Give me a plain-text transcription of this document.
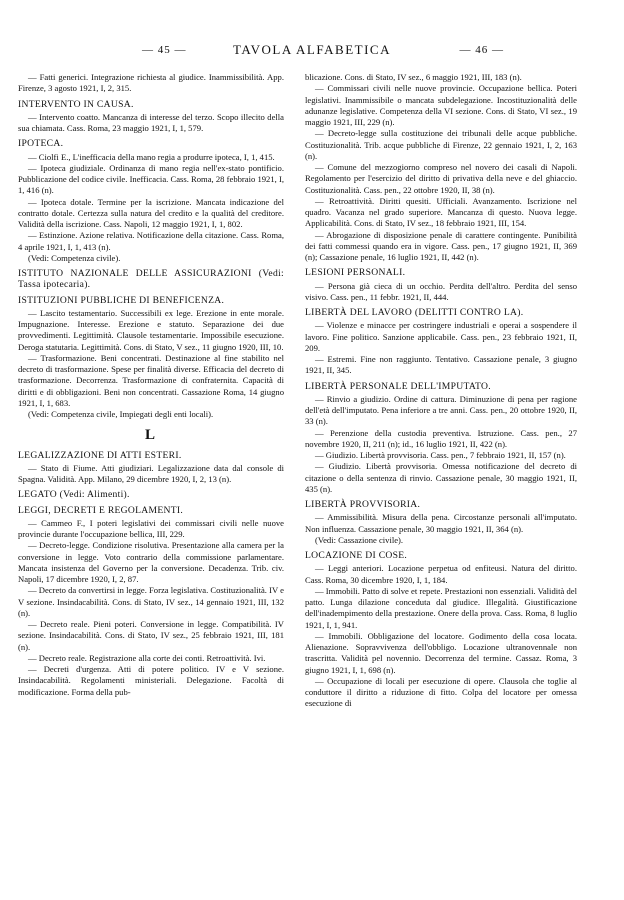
— 45 —	TAVOLA ALFABETICA	— 46 —

— Fatti generici. Integrazione richiesta al giudice. Inammissibilità. App. Firenze, 3 agosto 1921, I, 2, 315.

INTERVENTO IN CAUSA.

— Intervento coatto. Mancanza di interesse del terzo. Scopo illecito della sua chiamata. Cass. Roma, 23 maggio 1921, I, 1, 579.

IPOTECA.

— Ciolfi E., L'inefficacia della mano regia a produrre ipoteca, I, 1, 415.

— Ipoteca giudiziale. Ordinanza di mano regia nell'ex-stato pontificio. Pubblicazione del codice civile. Inefficacia. Cass. Roma, 28 febbraio 1921, I, 1, 416 (n).

— Ipoteca dotale. Termine per la iscrizione. Mancata indicazione del contratto dotale. Certezza sulla natura del credito e la qualità del creditore. Validità della iscrizione. Cass. Napoli, 12 maggio 1921, I, 1, 802.

— Estinzione. Azione relativa. Notificazione della citazione. Cass. Roma, 4 aprile 1921, I, 1, 413 (n).

(Vedi: Competenza civile).

ISTITUTO NAZIONALE DELLE ASSICURAZIONI (Vedi: Tassa ipotecaria).

ISTITUZIONI PUBBLICHE DI BENEFICENZA.

— Lascito testamentario. Successibili ex lege. Erezione in ente morale. Impugnazione. Interesse. Erezione e statuto. Separazione dei due provvedimenti. Legittimità. Clausole testamentarie. Impossibile esecuzione. Deroga statutaria. Legittimità. Cons. di Stato, V sez., 11 giugno 1920, III, 10.

— Trasformazione. Beni concentrati. Destinazione al fine stabilito nel decreto di trasformazione. Spese per finalità diverse. Efficacia del decreto di trasformazione. Decorrenza. Trasformazione di confraternita. Capacità di diritti e di obbligazioni. Beni non concentrati. Cassazione Roma, 14 giugno 1921, I, 1, 683.

(Vedi: Competenza civile, Impiegati degli enti locali).

L

LEGALIZZAZIONE DI ATTI ESTERI.

— Stato di Fiume. Atti giudiziari. Legalizzazione data dal console di Spagna. Validità. App. Milano, 29 dicembre 1920, I, 2, 13 (n).

LEGATO (Vedi: Alimenti).

LEGGI, DECRETI E REGOLAMENTI.

— Cammeo F., I poteri legislativi dei commissari civili nelle nuove provincie durante l'occupazione bellica, III, 229.

— Decreto-legge. Condizione risolutiva. Presentazione alla camera per la conversione in legge. Voto contrario della commissione parlamentare. Mancata insistenza del Governo per la conversione. Decadenza. Trib. civ. Napoli, 17 dicembre 1920, I, 2, 87.

— Decreto da convertirsi in legge. Forza legislativa. Costituzionalità. IV e V sezione. Insindacabilità. Cons. di Stato, IV sez., 14 gennaio 1921, III, 132 (n).

— Decreto reale. Pieni poteri. Conversione in legge. Compatibilità. IV sezione. Insindacabilità. Cons. di Stato, IV sez., 25 febbraio 1921, III, 181 (n).

— Decreto reale. Registrazione alla corte dei conti. Retroattività. Ivi.

— Decreti d'urgenza. Atti di potere politico. IV e V sezione. Insindacabilità. Regolamenti ministeriali. Delegazione. Facoltà di modificazione. Forma della pub-

blicazione. Cons. di Stato, IV sez., 6 maggio 1921, III, 183 (n).

— Commissari civili nelle nuove provincie. Occupazione bellica. Poteri legislativi. Inammissibile o mancata subdelegazione. Incostituzionalità delle adunanze legislative. Competenza della VI sezione. Cons. di Stato, VI sez., 19 maggio 1921, III, 229 (n).

— Decreto-legge sulla costituzione dei tribunali delle acque pubbliche. Costituzionalità. Trib. acque pubbliche di Firenze, 22 gennaio 1921, I, 2, 163 (n).

— Comune del mezzogiorno compreso nel novero dei casali di Napoli. Regolamento per l'esercizio del diritto di privativa della neve e del ghiaccio. Costituzionalità. Cass. pen., 22 ottobre 1920, II, 38 (n).

— Retroattività. Diritti quesiti. Ufficiali. Avanzamento. Iscrizione nel quadro. Vacanza nel grado superiore. Mancanza di questo. Nuova legge. Applicabilità. Cons. di Stato, IV sez., 18 febbraio 1921, III, 154.

— Abrogazione di disposizione penale di carattere contingente. Punibilità dei fatti commessi quando era in vigore. Cass. pen., 17 giugno 1921, II, 369 (n); Cassazione penale, 16 luglio 1921, II, 442 (n).

LESIONI PERSONALI.

— Persona già cieca di un occhio. Perdita dell'altro. Perdita del senso visivo. Cass. pen., 11 febbr. 1921, II, 444.

LIBERTÀ DEL LAVORO (DELITTI CONTRO LA).

— Violenze e minacce per costringere industriali e operai a sospendere il lavoro. Fine politico. Sanzione applicabile. Cass. pen., 23 febbraio 1921, II, 209.

— Estremi. Fine non raggiunto. Tentativo. Cassazione penale, 3 giugno 1921, II, 345.

LIBERTÀ PERSONALE DELL'IMPUTATO.

— Rinvio a giudizio. Ordine di cattura. Diminuzione di pena per ragione dell'età dell'imputato. Pena inferiore a tre anni. Cass. pen., 20 ottobre 1920, II, 33 (n).

— Perenzione della custodia preventiva. Istruzione. Cass. pen., 27 novembre 1920, II, 211 (n); id., 16 luglio 1921, II, 422 (n).

— Giudizio. Libertà provvisoria. Cass. pen., 7 febbraio 1921, II, 157 (n).

— Giudizio. Libertà provvisoria. Omessa notificazione del decreto di citazione o della sentenza di rinvio. Cassazione penale, 30 maggio 1921, II, 435 (n).

LIBERTÀ PROVVISORIA.

— Ammissibilità. Misura della pena. Circostanze personali all'imputato. Non influenza. Cassazione penale, 30 maggio 1921, II, 364 (n).

(Vedi: Cassazione civile).

LOCAZIONE DI COSE.

— Leggi anteriori. Locazione perpetua od enfiteusi. Natura del diritto. Cass. Roma, 30 dicembre 1920, I, 1, 184.

— Immobili. Patto di solve et repete. Prestazioni non essenziali. Validità del patto. Lunga dilazione conceduta dal giudice. Illegalità. Giustificazione dell'inadempimento della prestazione. Onere della prova. Cass. Roma, 8 luglio 1921, I, 1, 941.

— Immobili. Obbligazione del locatore. Godimento della cosa locata. Alienazione. Sopravvivenza dell'obbligo. Locazione ultranovennale non trascritta. Validità pel novennio. Decorrenza del termine. Cassaz. Roma, 3 giugno 1921, I, 1, 698 (n).

— Occupazione di locali per esecuzione di opere. Clausola che toglie al conduttore il diritto a riduzione di fitto. Colpa del locatore per omessa esecuzione di
